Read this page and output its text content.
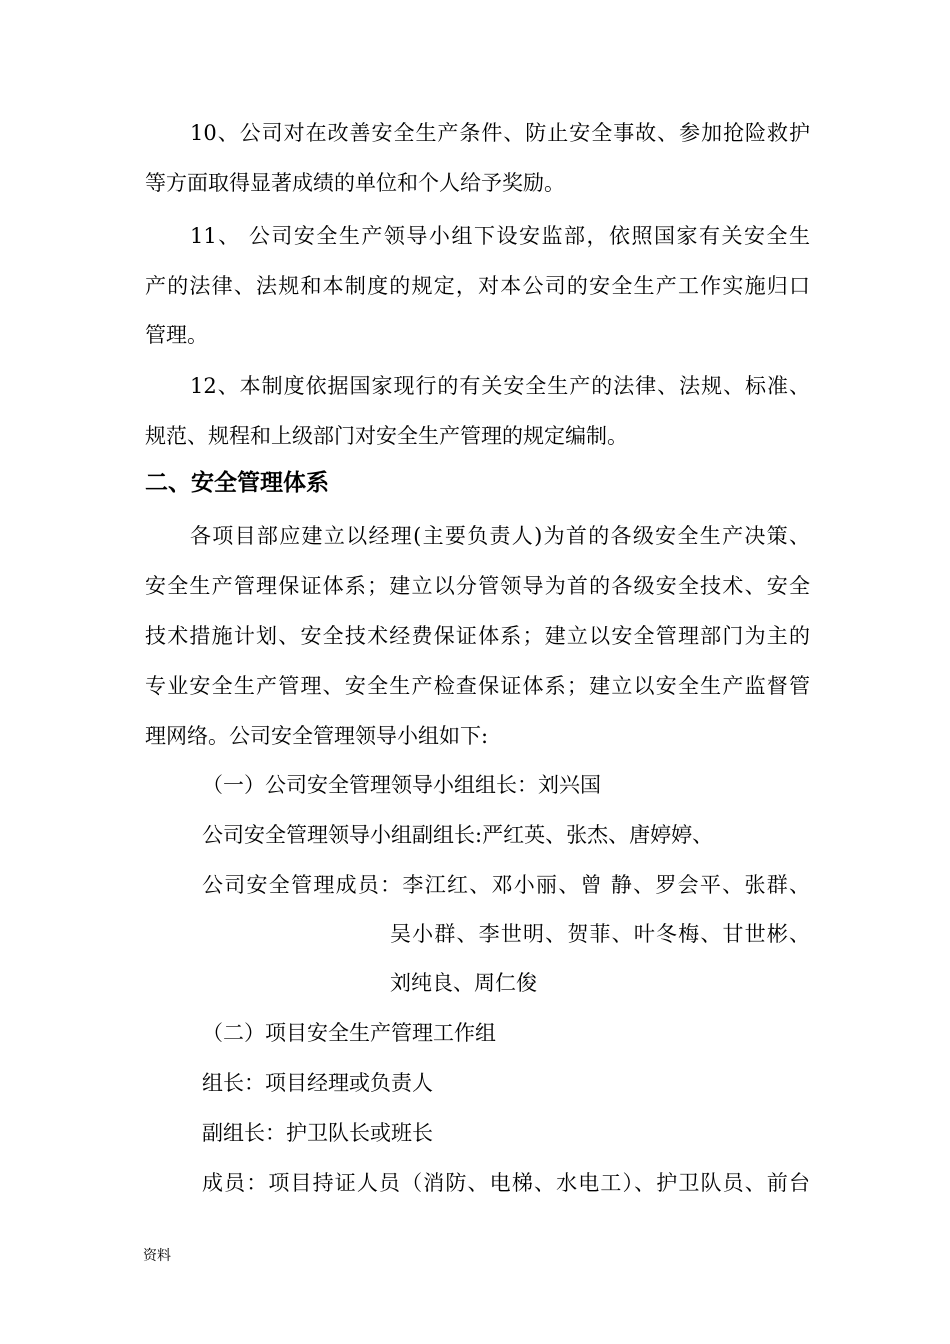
10、公司对在改善安全生产条件、防止安全事故、参加抢险救护

等方面取得显著成绩的单位和个人给予奖励。

11、 公司安全生产领导小组下设安监部，依照国家有关安全生

产的法律、法规和本制度的规定，对本公司的安全生产工作实施归口

管理。

12、本制度依据国家现行的有关安全生产的法律、法规、标准、

规范、规程和上级部门对安全生产管理的规定编制。

二、安全管理体系

各项目部应建立以经理(主要负责人)为首的各级安全生产决策、

安全生产管理保证体系；建立以分管领导为首的各级安全技术、安全

技术措施计划、安全技术经费保证体系；建立以安全管理部门为主的

专业安全生产管理、安全生产检查保证体系；建立以安全生产监督管

理网络。公司安全管理领导小组如下:

（一）公司安全管理领导小组组长：刘兴国

公司安全管理领导小组副组长:严红英、张杰、唐婷婷、

公司安全管理成员：李江红、邓小丽、曾 静、罗会平、张群、

吴小群、李世明、贺菲、叶冬梅、甘世彬、

刘纯良、周仁俊

（二）项目安全生产管理工作组

组长：项目经理或负责人

副组长：护卫队长或班长

成员：项目持证人员（消防、电梯、水电工）、护卫队员、前台

资料
